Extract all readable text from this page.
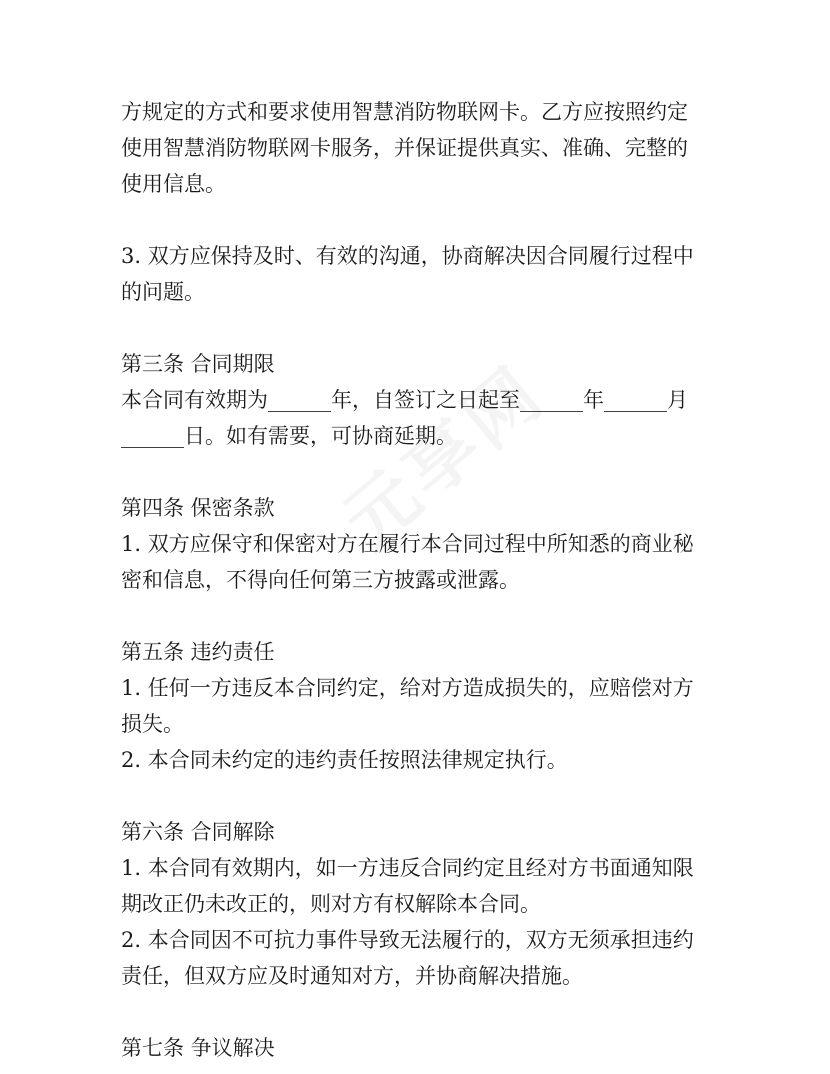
方规定的方式和要求使用智慧消防物联网卡。乙方应按照约定

使用智慧消防物联网卡服务，并保证提供真实、准确、完整的

使用信息。

3. 双方应保持及时、有效的沟通，协商解决因合同履行过程中

的问题。

第三条 合同期限

本合同有效期为______年，自签订之日起至______年______月

______日。如有需要，可协商延期。

第四条 保密条款

1. 双方应保守和保密对方在履行本合同过程中所知悉的商业秘

密和信息，不得向任何第三方披露或泄露。

第五条 违约责任

1. 任何一方违反本合同约定，给对方造成损失的，应赔偿对方

损失。

2. 本合同未约定的违约责任按照法律规定执行。

第六条 合同解除

1. 本合同有效期内，如一方违反合同约定且经对方书面通知限

期改正仍未改正的，则对方有权解除本合同。

2. 本合同因不可抗力事件导致无法履行的，双方无须承担违约

责任，但双方应及时通知对方，并协商解决措施。

第七条 争议解决
